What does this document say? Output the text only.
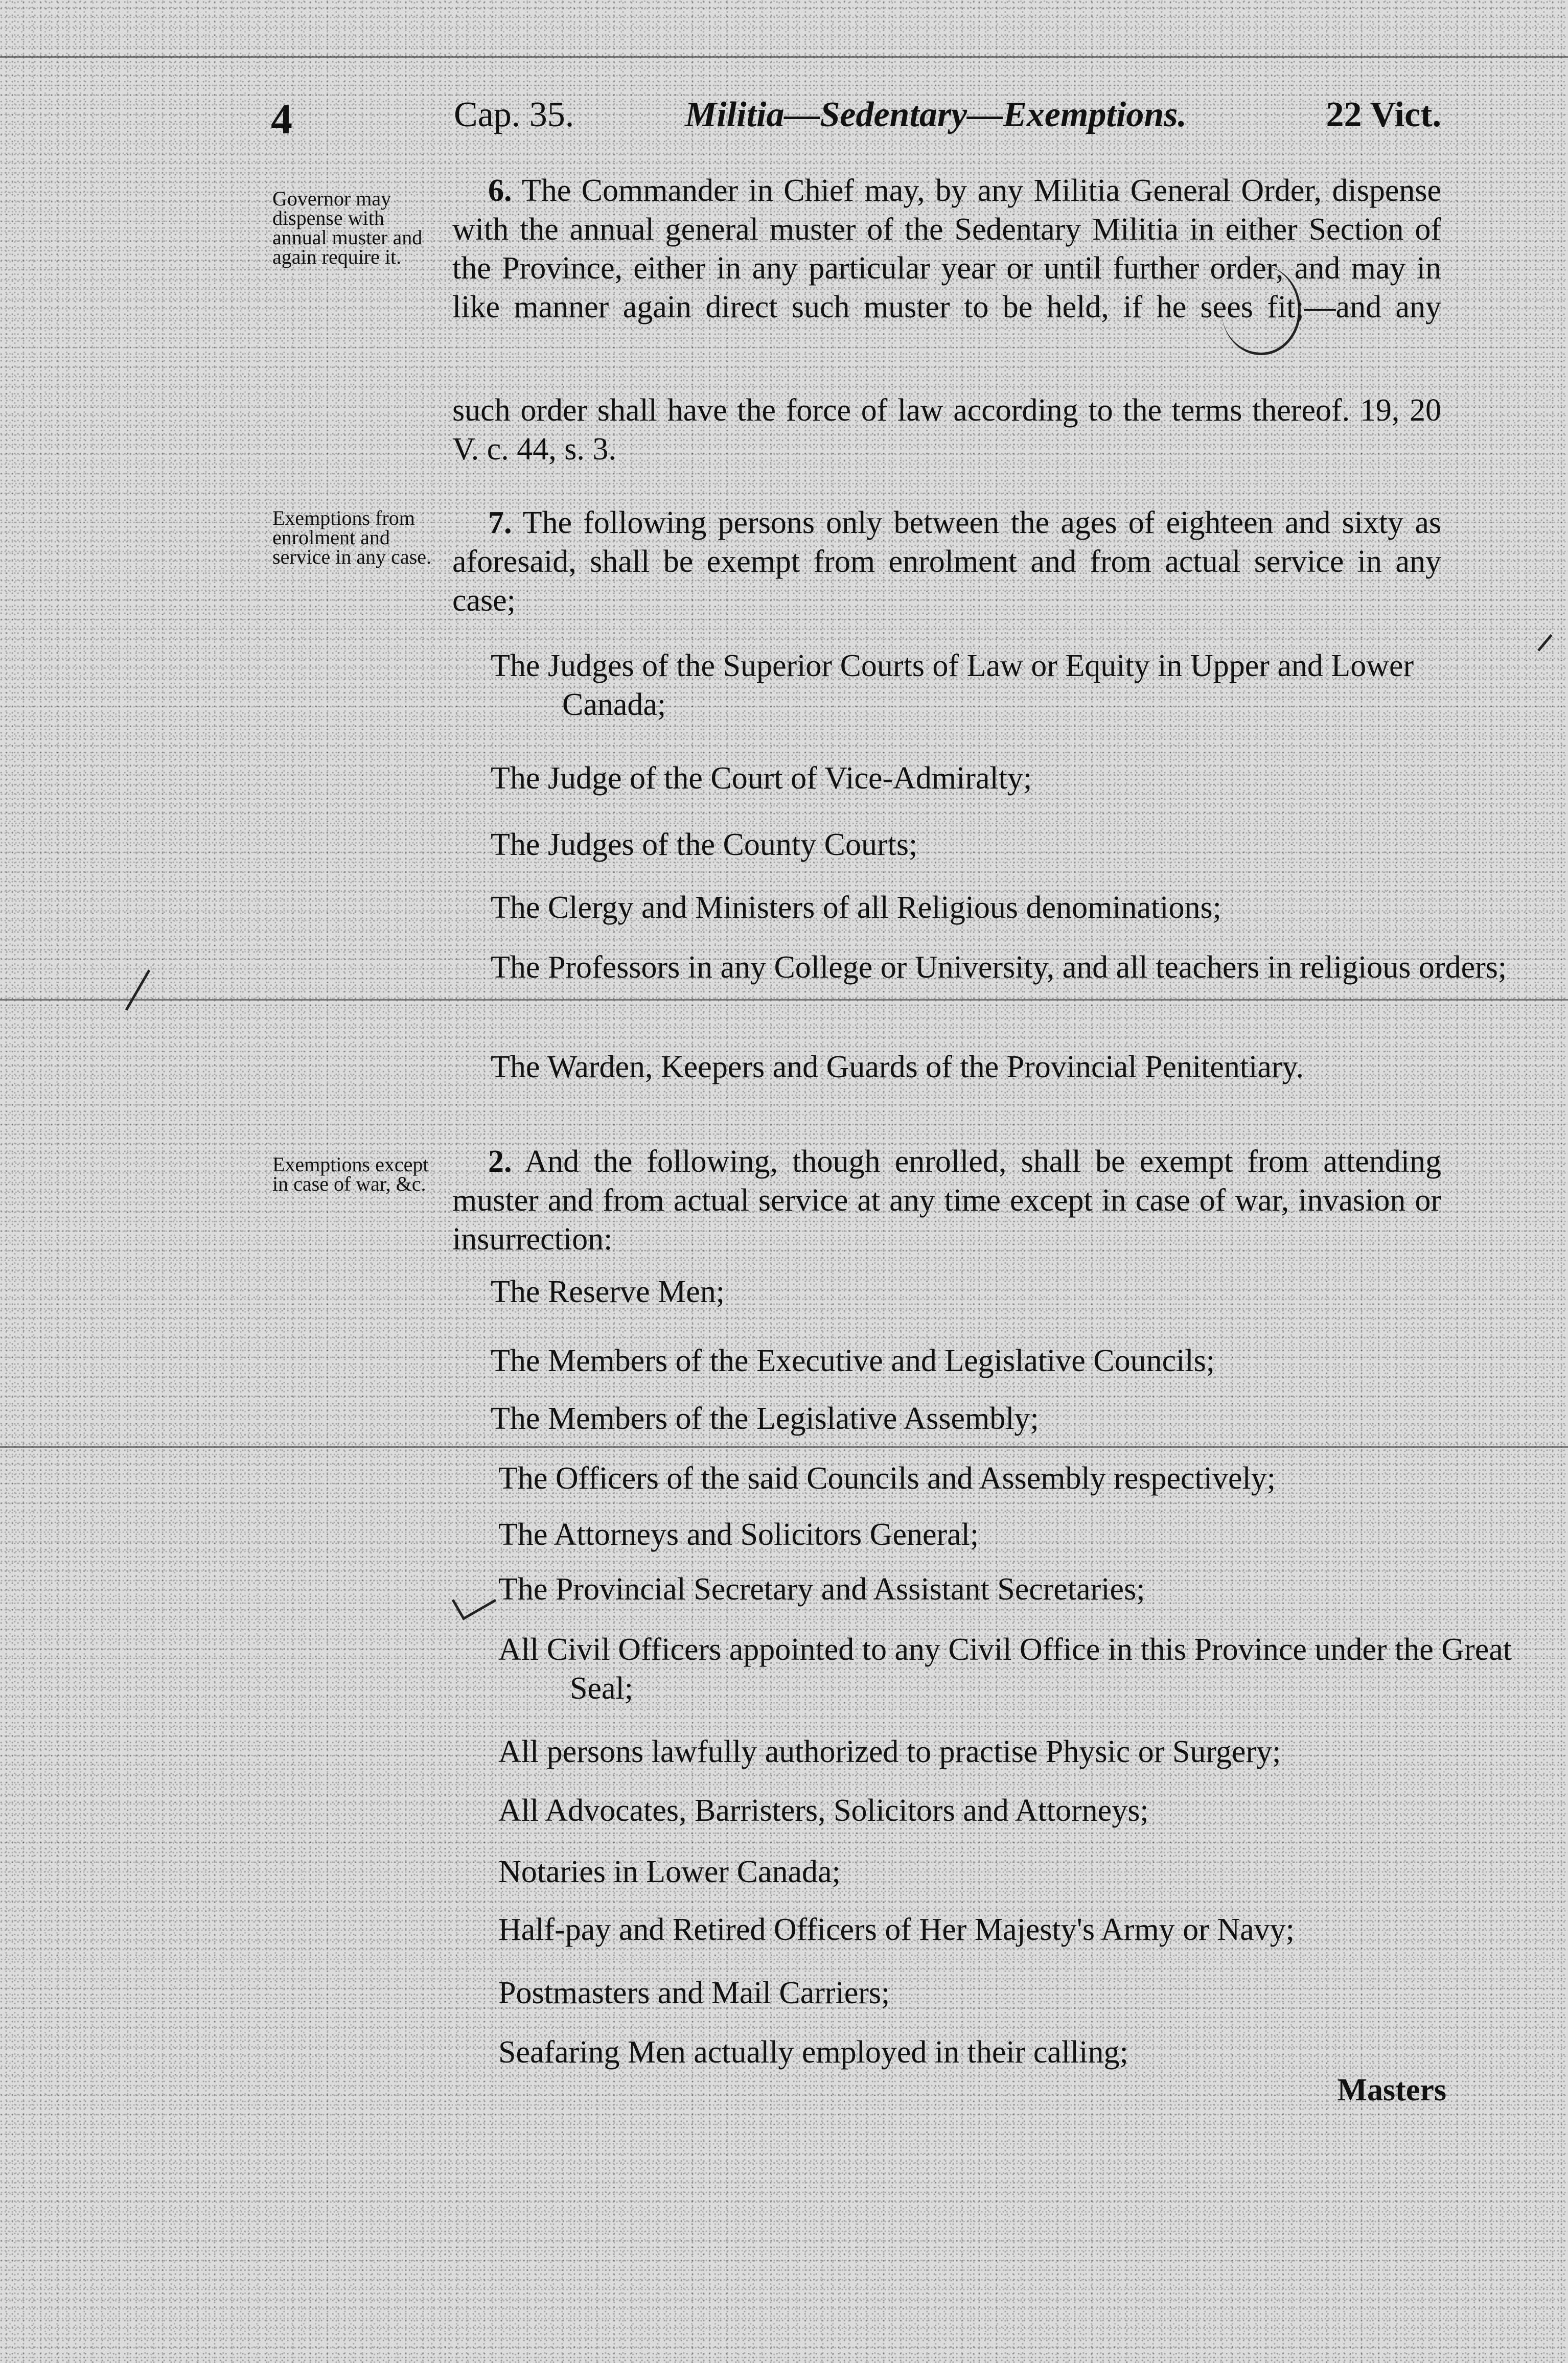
4	Cap. 35.	Militia—Sedentary—Exemptions.	22 Vict.
Governor may dispense with annual muster and again require it.
Exemptions from enrolment and service in any case.
Exemptions except in case of war, &c.

6. The Commander in Chief may, by any Militia General Order, dispense with the annual general muster of the Sedentary Militia in either Section of the Province, either in any particular year or until further order, and may in like manner again direct such muster to be held, if he sees fit;—and any

such order shall have the force of law according to the terms thereof. 19, 20 V. c. 44, s. 3.

7. The following persons only between the ages of eighteen and sixty as aforesaid, shall be exempt from enrolment and from actual service in any case;

The Judges of the Superior Courts of Law or Equity in Upper and Lower Canada;

The Judge of the Court of Vice-Admiralty;

The Judges of the County Courts;

The Clergy and Ministers of all Religious denominations;

The Professors in any College or University, and all teachers in religious orders;

The Warden, Keepers and Guards of the Provincial Penitentiary.

2. And the following, though enrolled, shall be exempt from attending muster and from actual service at any time except in case of war, invasion or insurrection:

The Reserve Men;

The Members of the Executive and Legislative Councils;

The Members of the Legislative Assembly;

The Officers of the said Councils and Assembly respectively;

The Attorneys and Solicitors General;

The Provincial Secretary and Assistant Secretaries;

All Civil Officers appointed to any Civil Office in this Province under the Great Seal;

All persons lawfully authorized to practise Physic or Surgery;

All Advocates, Barristers, Solicitors and Attorneys;

Notaries in Lower Canada;

Half-pay and Retired Officers of Her Majesty's Army or Navy;

Postmasters and Mail Carriers;

Seafaring Men actually employed in their calling;

Masters
